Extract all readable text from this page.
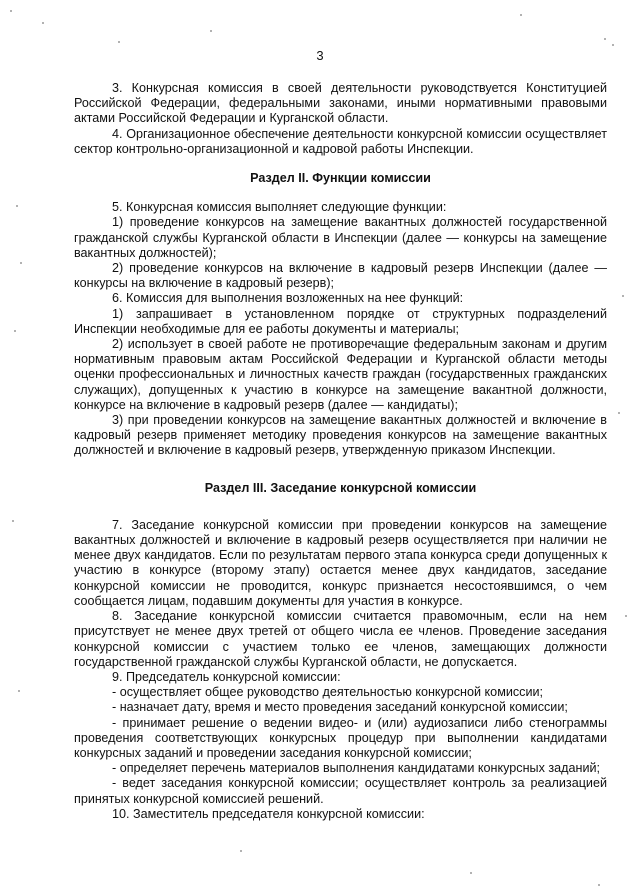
3

3. Конкурсная комиссия в своей деятельности руководствуется Конституцией Российской Федерации, федеральными законами, иными нормативными правовыми актами Российской Федерации и Курганской области.

4. Организационное обеспечение деятельности конкурсной комиссии осуществляет сектор контрольно-организационной и кадровой работы Инспекции.

Раздел II. Функции комиссии

5. Конкурсная комиссия выполняет следующие функции:

1) проведение конкурсов на замещение вакантных должностей государственной гражданской службы Курганской области в Инспекции (далее — конкурсы на замещение вакантных должностей);

2) проведение конкурсов на включение в кадровый резерв Инспекции (далее — конкурсы на включение в кадровый резерв);

6. Комиссия для выполнения возложенных на нее функций:

1) запрашивает в установленном порядке от структурных подразделений Инспекции необходимые для ее работы документы и материалы;

2) использует в своей работе не противоречащие федеральным законам и другим нормативным правовым актам Российской Федерации и Курганской области методы оценки профессиональных и личностных качеств граждан (государственных гражданских служащих), допущенных к участию в конкурсе на замещение вакантной должности, конкурсе на включение в кадровый резерв (далее — кандидаты);

3) при проведении конкурсов на замещение вакантных должностей и включение в кадровый резерв применяет методику проведения конкурсов на замещение вакантных должностей и включение в кадровый резерв, утвержденную приказом Инспекции.

Раздел III. Заседание конкурсной комиссии

7. Заседание конкурсной комиссии при проведении конкурсов на замещение вакантных должностей и включение в кадровый резерв осуществляется при наличии не менее двух кандидатов. Если по результатам первого этапа конкурса среди допущенных к участию в конкурсе (второму этапу) остается менее двух кандидатов, заседание конкурсной комиссии не проводится, конкурс признается несостоявшимся, о чем сообщается лицам, подавшим документы для участия в конкурсе.

8. Заседание конкурсной комиссии считается правомочным, если на нем присутствует не менее двух третей от общего числа ее членов. Проведение заседания конкурсной комиссии с участием только ее членов, замещающих должности государственной гражданской службы Курганской области, не допускается.

9. Председатель конкурсной комиссии:

- осуществляет общее руководство деятельностью конкурсной комиссии;

- назначает дату, время и место проведения заседаний конкурсной комиссии;

- принимает решение о ведении видео- и (или) аудиозаписи либо стенограммы проведения соответствующих конкурсных процедур при выполнении кандидатами конкурсных заданий и проведении заседания конкурсной комиссии;

- определяет перечень материалов выполнения кандидатами конкурсных заданий;

- ведет заседания конкурсной комиссии; осуществляет контроль за реализацией принятых конкурсной комиссией решений.

10. Заместитель председателя конкурсной комиссии:
